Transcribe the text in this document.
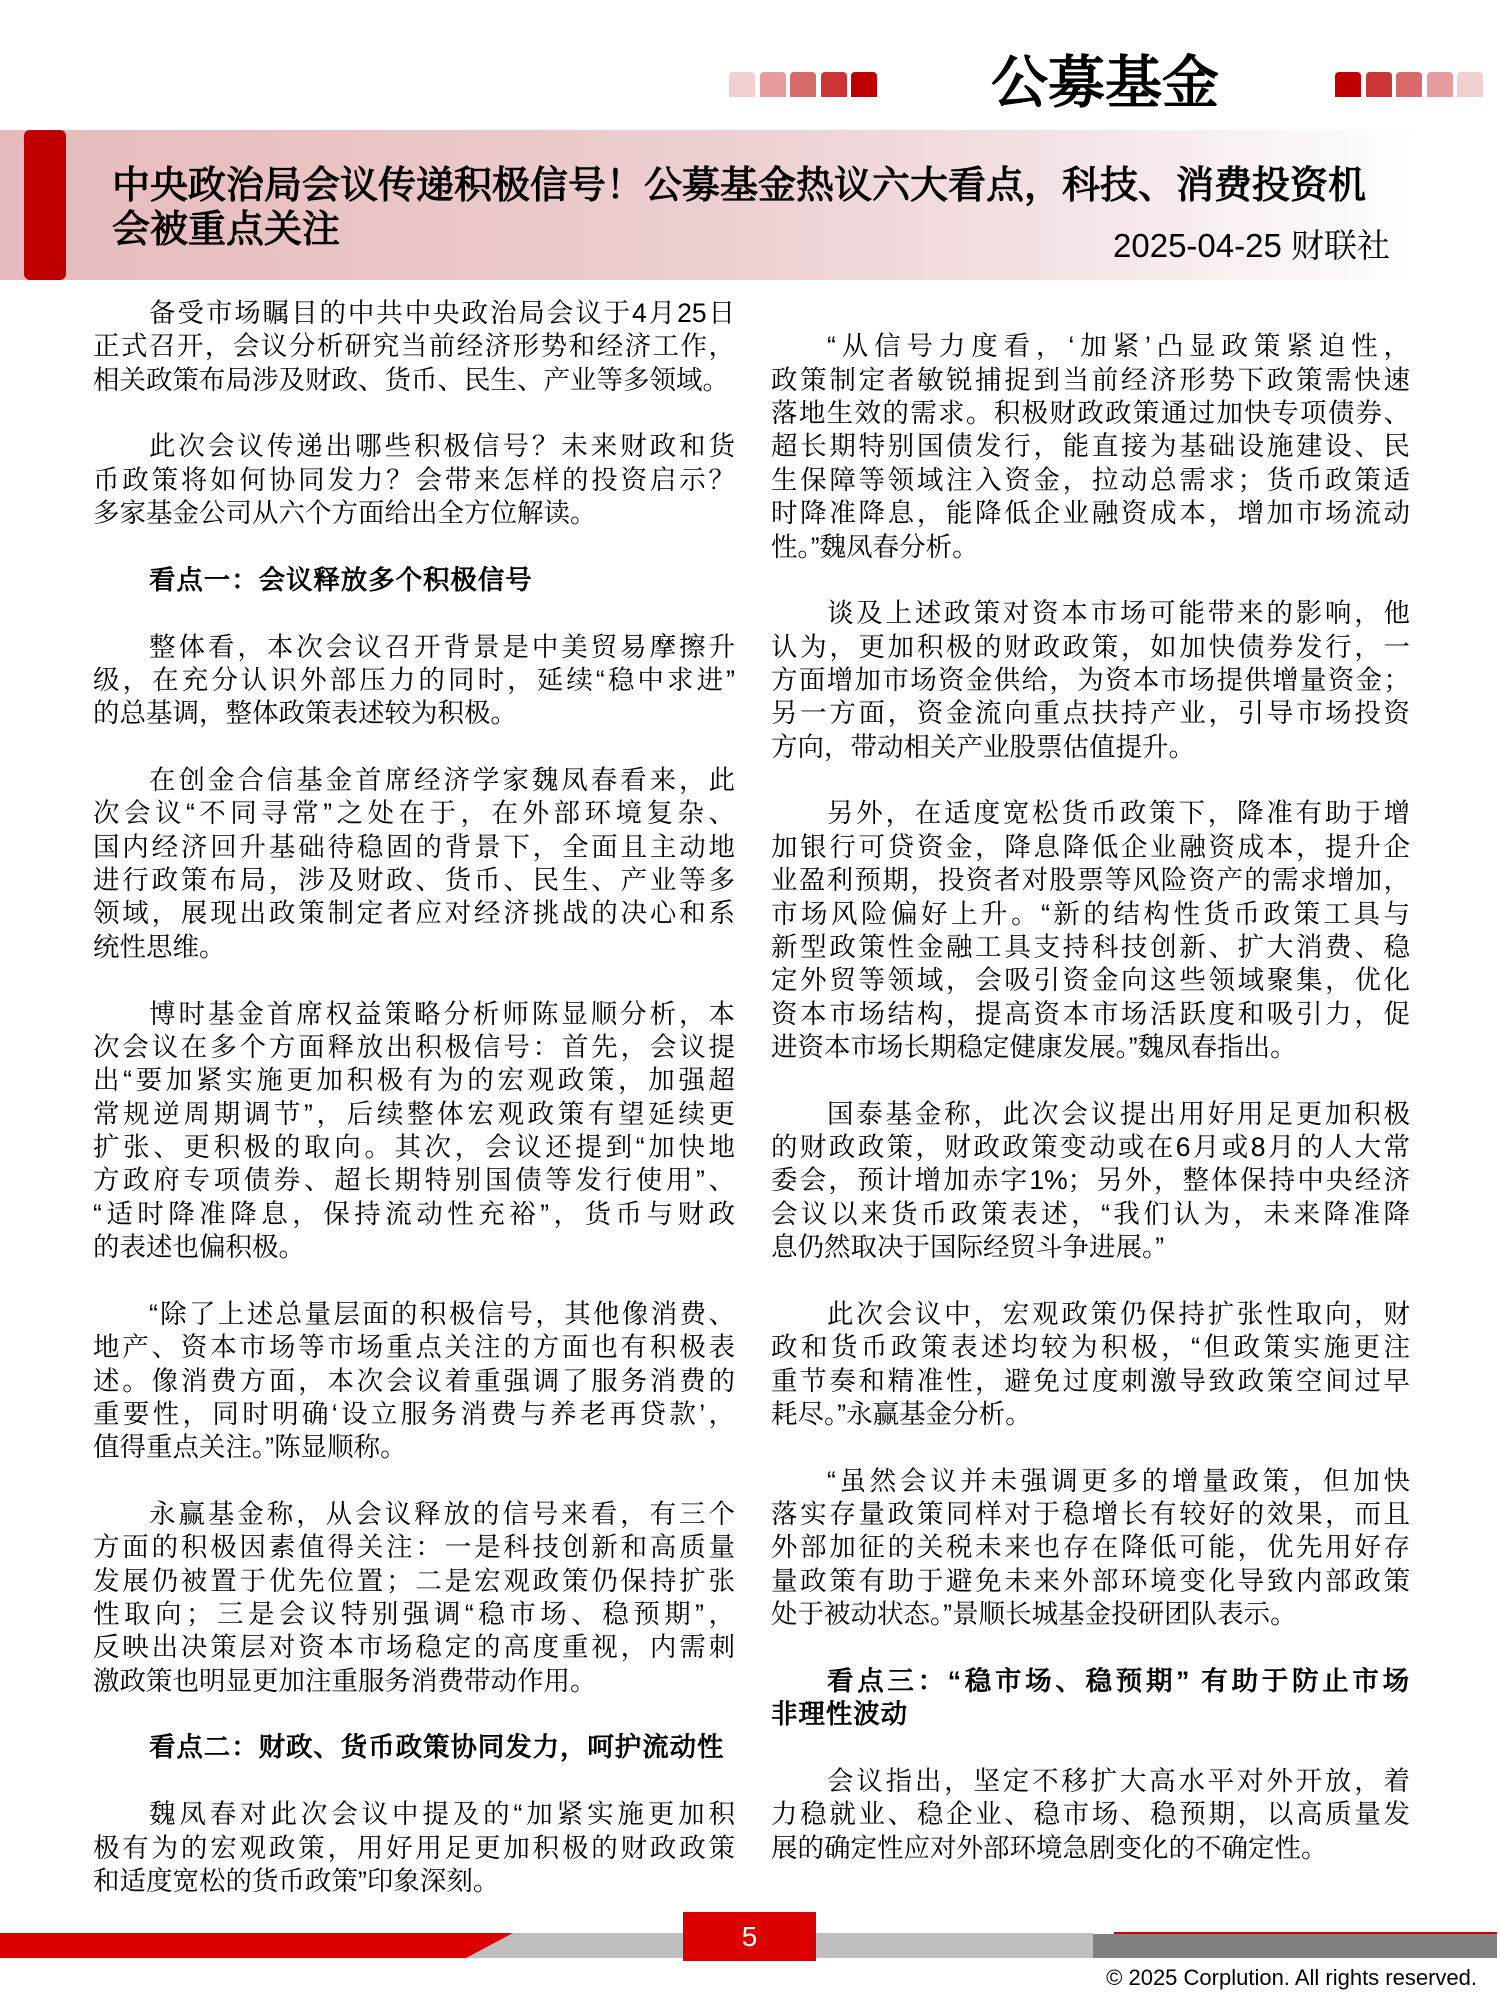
公募基金
中央政治局会议传递积极信号！公募基金热议六大看点，科技、消费投资机会被重点关注	2025-04-25 财联社
备受市场瞩目的中共中央政治局会议于4月25日
正式召开，会议分析研究当前经济形势和经济工作，
相关政策布局涉及财政、货币、民生、产业等多领域。
此次会议传递出哪些积极信号？未来财政和货
币政策将如何协同发力？会带来怎样的投资启示？
多家基金公司从六个方面给出全方位解读。
看点一：会议释放多个积极信号
整体看，本次会议召开背景是中美贸易摩擦升
级，在充分认识外部压力的同时，延续“稳中求进”
的总基调，整体政策表述较为积极。
在创金合信基金首席经济学家魏凤春看来，此
次会议“不同寻常”之处在于，在外部环境复杂、
国内经济回升基础待稳固的背景下，全面且主动地
进行政策布局，涉及财政、货币、民生、产业等多
领域，展现出政策制定者应对经济挑战的决心和系
统性思维。
博时基金首席权益策略分析师陈显顺分析，本
次会议在多个方面释放出积极信号：首先，会议提
出“要加紧实施更加积极有为的宏观政策，加强超
常规逆周期调节”，后续整体宏观政策有望延续更
扩张、更积极的取向。其次，会议还提到“加快地
方政府专项债券、超长期特别国债等发行使用”、
“适时降准降息，保持流动性充裕”，货币与财政
的表述也偏积极。
“除了上述总量层面的积极信号，其他像消费、
地产、资本市场等市场重点关注的方面也有积极表
述。像消费方面，本次会议着重强调了服务消费的
重要性，同时明确‘设立服务消费与养老再贷款’，
值得重点关注。”陈显顺称。
永赢基金称，从会议释放的信号来看，有三个
方面的积极因素值得关注：一是科技创新和高质量
发展仍被置于优先位置；二是宏观政策仍保持扩张
性取向；三是会议特别强调“稳市场、稳预期”，
反映出决策层对资本市场稳定的高度重视，内需刺
激政策也明显更加注重服务消费带动作用。
看点二：财政、货币政策协同发力，呵护流动性
魏凤春对此次会议中提及的“加紧实施更加积
极有为的宏观政策，用好用足更加积极的财政政策
和适度宽松的货币政策”印象深刻。
“从信号力度看，‘加紧’凸显政策紧迫性，
政策制定者敏锐捕捉到当前经济形势下政策需快速
落地生效的需求。积极财政政策通过加快专项债券、
超长期特别国债发行，能直接为基础设施建设、民
生保障等领域注入资金，拉动总需求；货币政策适
时降准降息，能降低企业融资成本，增加市场流动
性。”魏凤春分析。
谈及上述政策对资本市场可能带来的影响，他
认为，更加积极的财政政策，如加快债券发行，一
方面增加市场资金供给，为资本市场提供增量资金；
另一方面，资金流向重点扶持产业，引导市场投资
方向，带动相关产业股票估值提升。
另外，在适度宽松货币政策下，降准有助于增
加银行可贷资金，降息降低企业融资成本，提升企
业盈利预期，投资者对股票等风险资产的需求增加，
市场风险偏好上升。“新的结构性货币政策工具与
新型政策性金融工具支持科技创新、扩大消费、稳
定外贸等领域，会吸引资金向这些领域聚集，优化
资本市场结构，提高资本市场活跃度和吸引力，促
进资本市场长期稳定健康发展。”魏凤春指出。
国泰基金称，此次会议提出用好用足更加积极
的财政政策，财政政策变动或在6月或8月的人大常
委会，预计增加赤字1%；另外，整体保持中央经济
会议以来货币政策表述，“我们认为，未来降准降
息仍然取决于国际经贸斗争进展。”
此次会议中，宏观政策仍保持扩张性取向，财
政和货币政策表述均较为积极，“但政策实施更注
重节奏和精准性，避免过度刺激导致政策空间过早
耗尽。”永赢基金分析。
“虽然会议并未强调更多的增量政策，但加快
落实存量政策同样对于稳增长有较好的效果，而且
外部加征的关税未来也存在降低可能，优先用好存
量政策有助于避免未来外部环境变化导致内部政策
处于被动状态。”景顺长城基金投研团队表示。
看点三：“稳市场、稳预期” 有助于防止市场
非理性波动
会议指出，坚定不移扩大高水平对外开放，着
力稳就业、稳企业、稳市场、稳预期，以高质量发
展的确定性应对外部环境急剧变化的不确定性。
5
© 2025 Corplution. All rights reserved.
